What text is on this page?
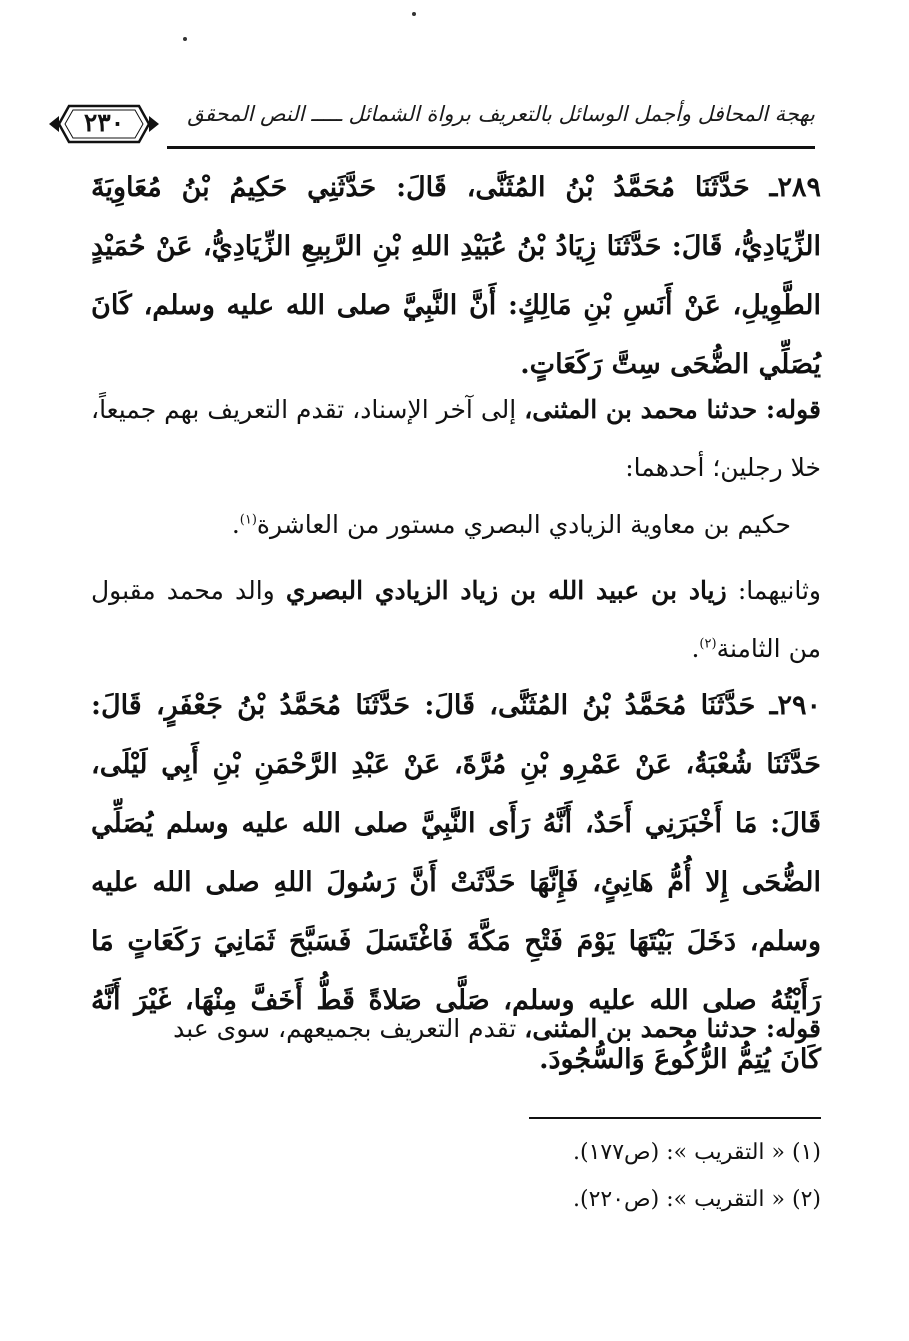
بهجة المحافل وأجمل الوسائل بالتعريف برواة الشمائل ـــــ النص المحقق
٢٣٠
٢٨٩ـ حَدَّثَنَا مُحَمَّدُ بْنُ المُثَنَّى، قَالَ: حَدَّثَنِي حَكِيمُ بْنُ مُعَاوِيَةَ الزِّيَادِيُّ، قَالَ: حَدَّثَنَا زِيَادُ بْنُ عُبَيْدِ اللهِ بْنِ الرَّبِيعِ الزِّيَادِيُّ، عَنْ حُمَيْدٍ الطَّوِيلِ، عَنْ أَنَسِ بْنِ مَالِكٍ: أَنَّ النَّبِيَّ صلى الله عليه وسلم، كَانَ يُصَلِّي الضُّحَى سِتَّ رَكَعَاتٍ.
قوله: حدثنا محمد بن المثنى، إلى آخر الإسناد، تقدم التعريف بهم جميعاً، خلا رجلين؛ أحدهما:
حكيم بن معاوية الزيادي البصري مستور من العاشرة$^{(١)}$.
وثانيهما: زياد بن عبيد الله بن زياد الزيادي البصري والد محمد مقبول من الثامنة$^{(٢)}$.
٢٩٠ـ حَدَّثَنَا مُحَمَّدُ بْنُ المُثَنَّى، قَالَ: حَدَّثَنَا مُحَمَّدُ بْنُ جَعْفَرٍ، قَالَ: حَدَّثَنَا شُعْبَةُ، عَنْ عَمْرِو بْنِ مُرَّةَ، عَنْ عَبْدِ الرَّحْمَنِ بْنِ أَبِي لَيْلَى، قَالَ: مَا أَخْبَرَنِي أَحَدٌ، أَنَّهُ رَأَى النَّبِيَّ صلى الله عليه وسلم يُصَلِّي الضُّحَى إِلا أُمُّ هَانِئٍ، فَإِنَّهَا حَدَّثَتْ أَنَّ رَسُولَ اللهِ صلى الله عليه وسلم، دَخَلَ بَيْتَهَا يَوْمَ فَتْحِ مَكَّةَ فَاغْتَسَلَ فَسَبَّحَ ثَمَانِيَ رَكَعَاتٍ مَا رَأَيْتُهُ صلى الله عليه وسلم، صَلَّى صَلاةً قَطُّ أَخَفَّ مِنْهَا، غَيْرَ أَنَّهُ كَانَ يُتِمُّ الرُّكُوعَ وَالسُّجُودَ.
قوله: حدثنا محمد بن المثنى، تقدم التعريف بجميعهم، سوى عبد
(١) « التقريب »: (ص١٧٧).
(٢) « التقريب »: (ص٢٢٠).
